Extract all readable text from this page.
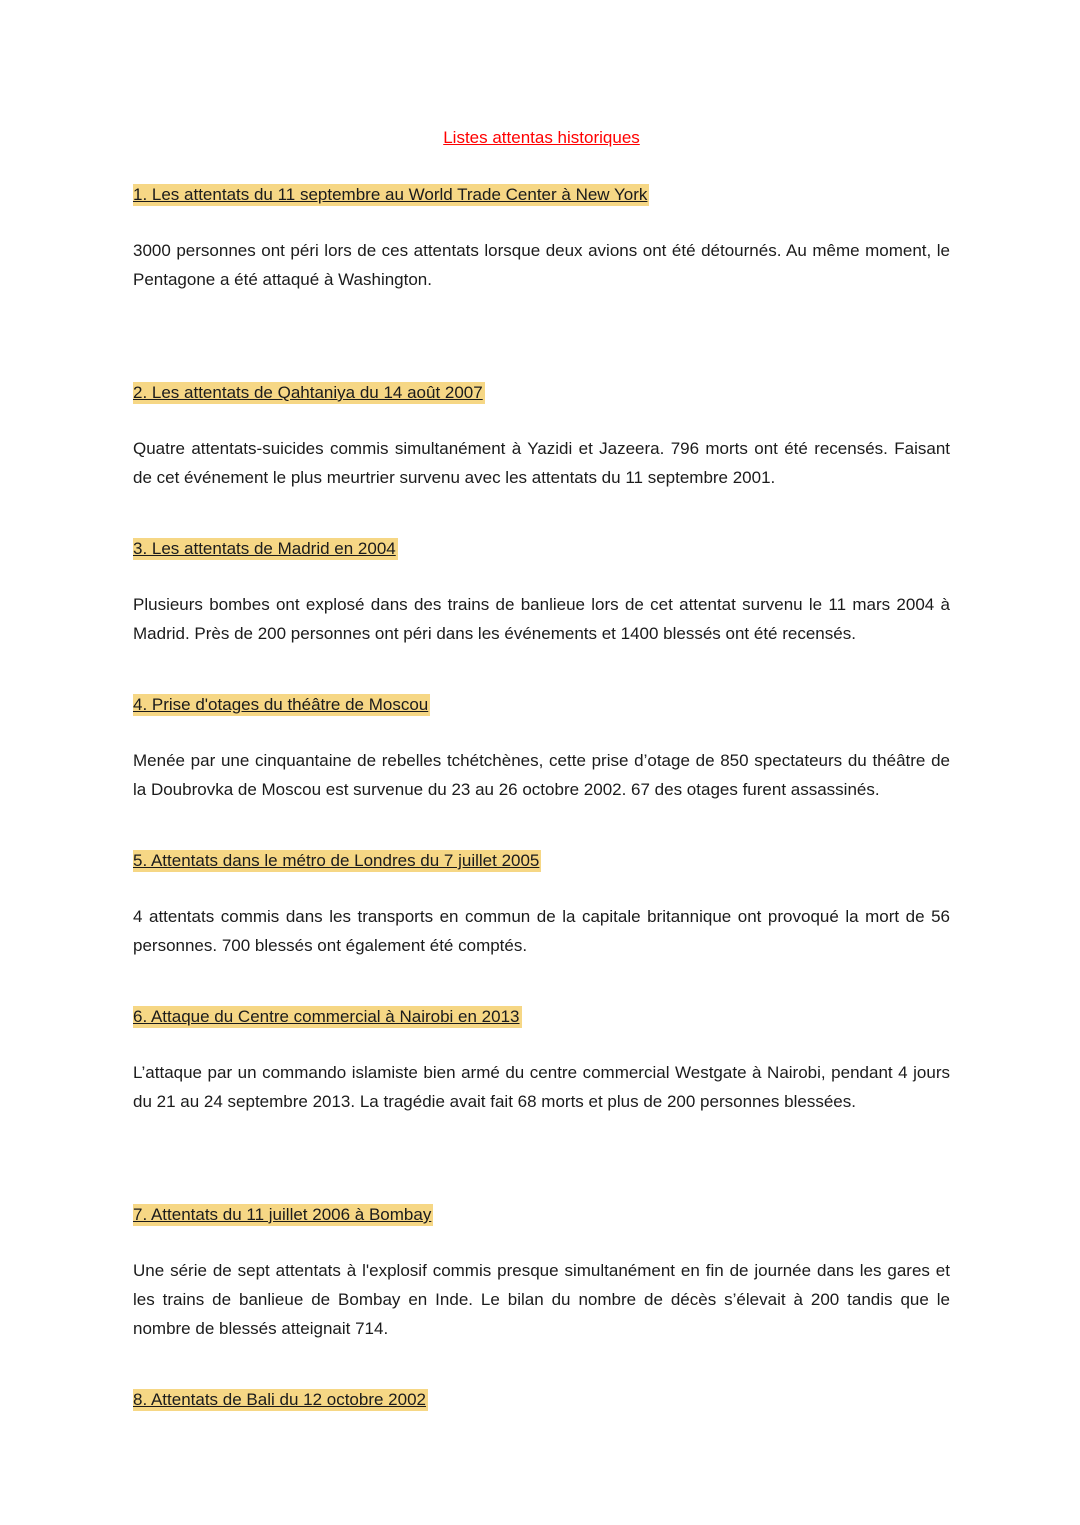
Listes attentas historiques
1. Les attentats du 11 septembre au World Trade Center à New York

3000 personnes ont péri lors de ces attentats lorsque deux avions ont été détournés. Au même moment, le Pentagone a été attaqué à Washington.

2. Les attentats de Qahtaniya du 14 août 2007

Quatre attentats-suicides commis simultanément à Yazidi et Jazeera. 796 morts ont été recensés. Faisant de cet événement le plus meurtrier survenu avec les attentats du 11 septembre 2001.

3. Les attentats de Madrid en 2004

Plusieurs bombes ont explosé dans des trains de banlieue lors de cet attentat survenu le 11 mars 2004 à Madrid. Près de 200 personnes ont péri dans les événements et 1400 blessés ont été recensés.

4. Prise d'otages du théâtre de Moscou

Menée par une cinquantaine de rebelles tchétchènes, cette prise d’otage de 850 spectateurs du théâtre de la Doubrovka de Moscou est survenue du 23 au 26 octobre 2002. 67 des otages furent assassinés.

5. Attentats dans le métro de Londres du 7 juillet 2005

4 attentats commis dans les transports en commun de la capitale britannique ont provoqué la mort de 56 personnes. 700 blessés ont également été comptés.

6. Attaque du Centre commercial à Nairobi en 2013

L’attaque par un commando islamiste bien armé du centre commercial Westgate à Nairobi, pendant 4 jours du 21 au 24 septembre 2013. La tragédie avait fait 68 morts et plus de 200 personnes blessées.

7. Attentats du 11 juillet 2006 à Bombay

Une série de sept attentats à l'explosif commis presque simultanément en fin de journée dans les gares et les trains de banlieue de Bombay en Inde. Le bilan du nombre de décès s’élevait à 200 tandis que le nombre de blessés atteignait 714.

8. Attentats de Bali du 12 octobre 2002
